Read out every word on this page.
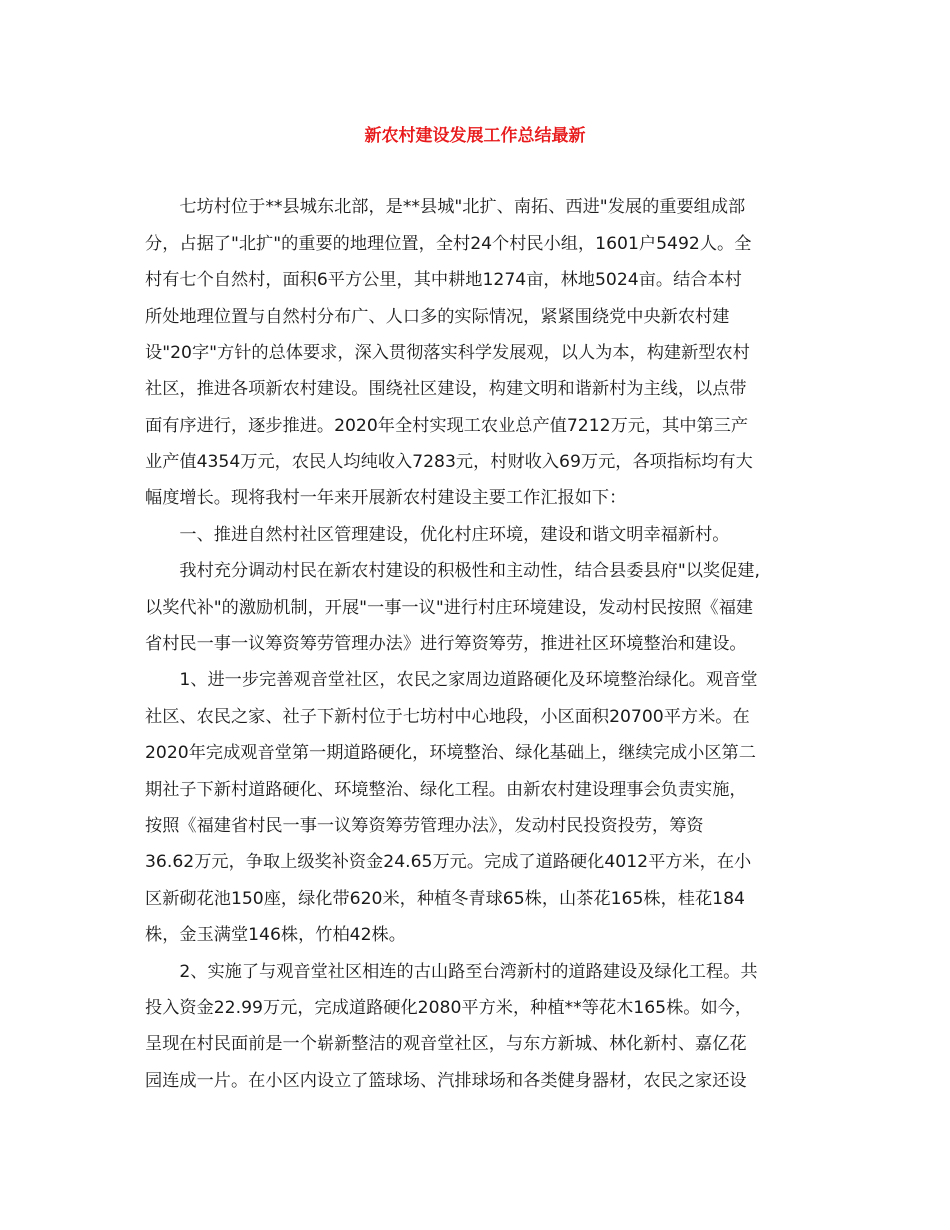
新农村建设发展工作总结最新
　　七坊村位于**县城东北部，是**县城"北扩、南拓、西进"发展的重要组成部
分，占据了"北扩"的重要的地理位置，全村24个村民小组，1601户5492人。全
村有七个自然村，面积6平方公里，其中耕地1274亩，林地5024亩。结合本村
所处地理位置与自然村分布广、人口多的实际情况，紧紧围绕党中央新农村建
设"20字"方针的总体要求，深入贯彻落实科学发展观，以人为本，构建新型农村
社区，推进各项新农村建设。围绕社区建设，构建文明和谐新村为主线，以点带
面有序进行，逐步推进。2020年全村实现工农业总产值7212万元，其中第三产
业产值4354万元，农民人均纯收入7283元，村财收入69万元，各项指标均有大
幅度增长。现将我村一年来开展新农村建设主要工作汇报如下：
　　一、推进自然村社区管理建设，优化村庄环境，建设和谐文明幸福新村。
　　我村充分调动村民在新农村建设的积极性和主动性，结合县委县府"以奖促建,
以奖代补"的激励机制，开展"一事一议"进行村庄环境建设，发动村民按照《福建
省村民一事一议筹资筹劳管理办法》进行筹资筹劳，推进社区环境整治和建设。
　　1、进一步完善观音堂社区，农民之家周边道路硬化及环境整治绿化。观音堂
社区、农民之家、社子下新村位于七坊村中心地段，小区面积20700平方米。在
2020年完成观音堂第一期道路硬化，环境整治、绿化基础上，继续完成小区第二
期社子下新村道路硬化、环境整治、绿化工程。由新农村建设理事会负责实施，
按照《福建省村民一事一议筹资筹劳管理办法》，发动村民投资投劳，筹资
36.62万元，争取上级奖补资金24.65万元。完成了道路硬化4012平方米，在小
区新砌花池150座，绿化带620米，种植冬青球65株，山茶花165株，桂花184
株，金玉满堂146株，竹柏42株。
　　2、实施了与观音堂社区相连的古山路至台湾新村的道路建设及绿化工程。共
投入资金22.99万元，完成道路硬化2080平方米，种植**等花木165株。如今，
呈现在村民面前是一个崭新整洁的观音堂社区，与东方新城、林化新村、嘉亿花
园连成一片。在小区内设立了篮球场、汽排球场和各类健身器材，农民之家还设
